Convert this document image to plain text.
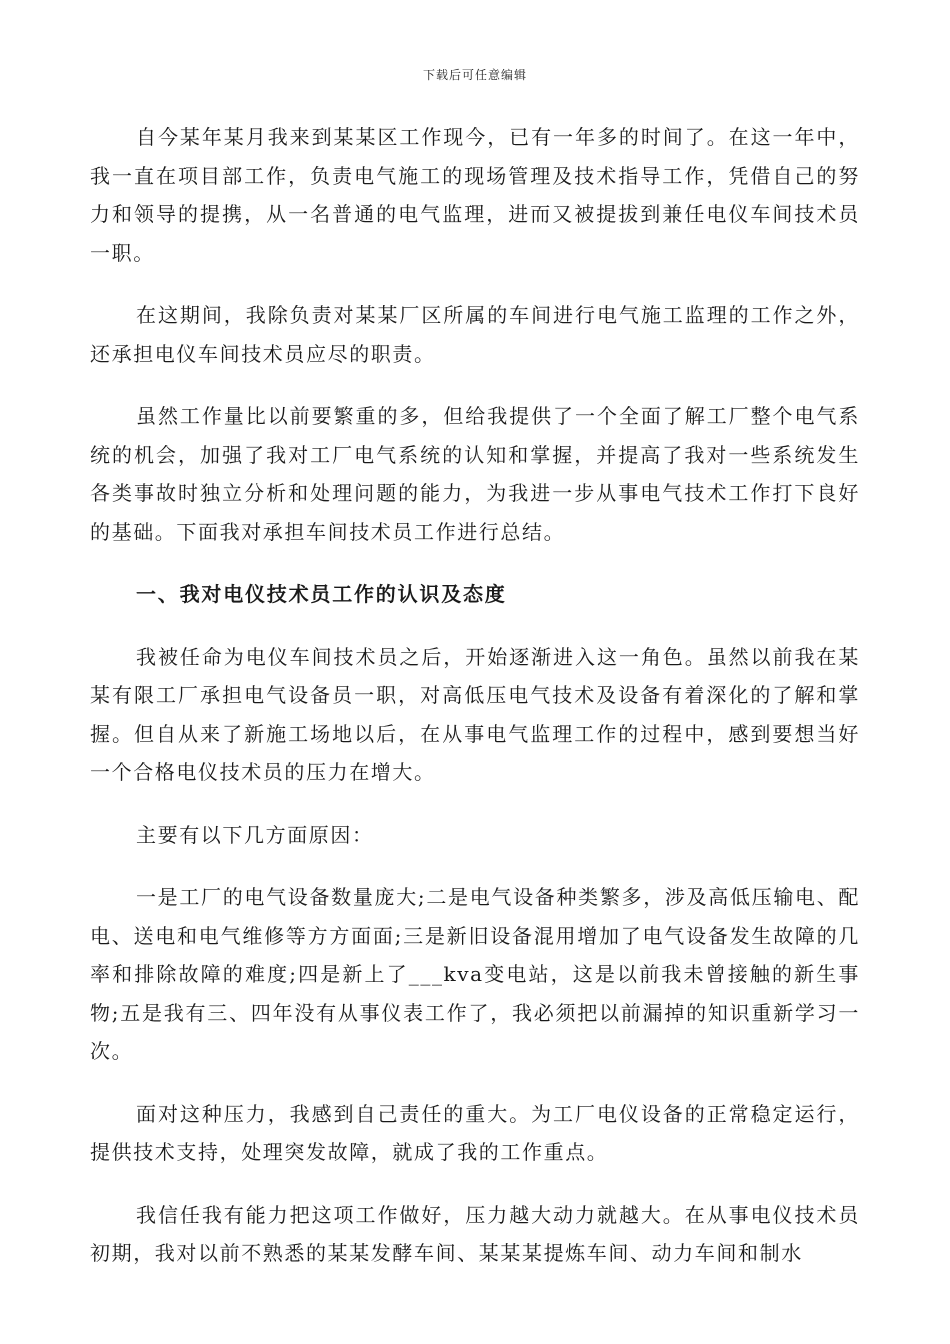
下载后可任意编辑

自今某年某月我来到某某区工作现今，已有一年多的时间了。在这一年中，我一直在项目部工作，负责电气施工的现场管理及技术指导工作，凭借自己的努力和领导的提携，从一名普通的电气监理，进而又被提拔到兼任电仪车间技术员一职。

在这期间，我除负责对某某厂区所属的车间进行电气施工监理的工作之外，还承担电仪车间技术员应尽的职责。

虽然工作量比以前要繁重的多，但给我提供了一个全面了解工厂整个电气系统的机会，加强了我对工厂电气系统的认知和掌握，并提高了我对一些系统发生各类事故时独立分析和处理问题的能力，为我进一步从事电气技术工作打下良好的基础。下面我对承担车间技术员工作进行总结。

一、我对电仪技术员工作的认识及态度

我被任命为电仪车间技术员之后，开始逐渐进入这一角色。虽然以前我在某某有限工厂承担电气设备员一职，对高低压电气技术及设备有着深化的了解和掌握。但自从来了新施工场地以后，在从事电气监理工作的过程中，感到要想当好一个合格电仪技术员的压力在增大。

主要有以下几方面原因：

一是工厂的电气设备数量庞大;二是电气设备种类繁多，涉及高低压输电、配电、送电和电气维修等方方面面;三是新旧设备混用增加了电气设备发生故障的几率和排除故障的难度;四是新上了___kva变电站，这是以前我未曾接触的新生事物;五是我有三、四年没有从事仪表工作了，我必须把以前漏掉的知识重新学习一次。

面对这种压力，我感到自己责任的重大。为工厂电仪设备的正常稳定运行，提供技术支持，处理突发故障，就成了我的工作重点。

我信任我有能力把这项工作做好，压力越大动力就越大。在从事电仪技术员初期，我对以前不熟悉的某某发酵车间、某某某提炼车间、动力车间和制水
